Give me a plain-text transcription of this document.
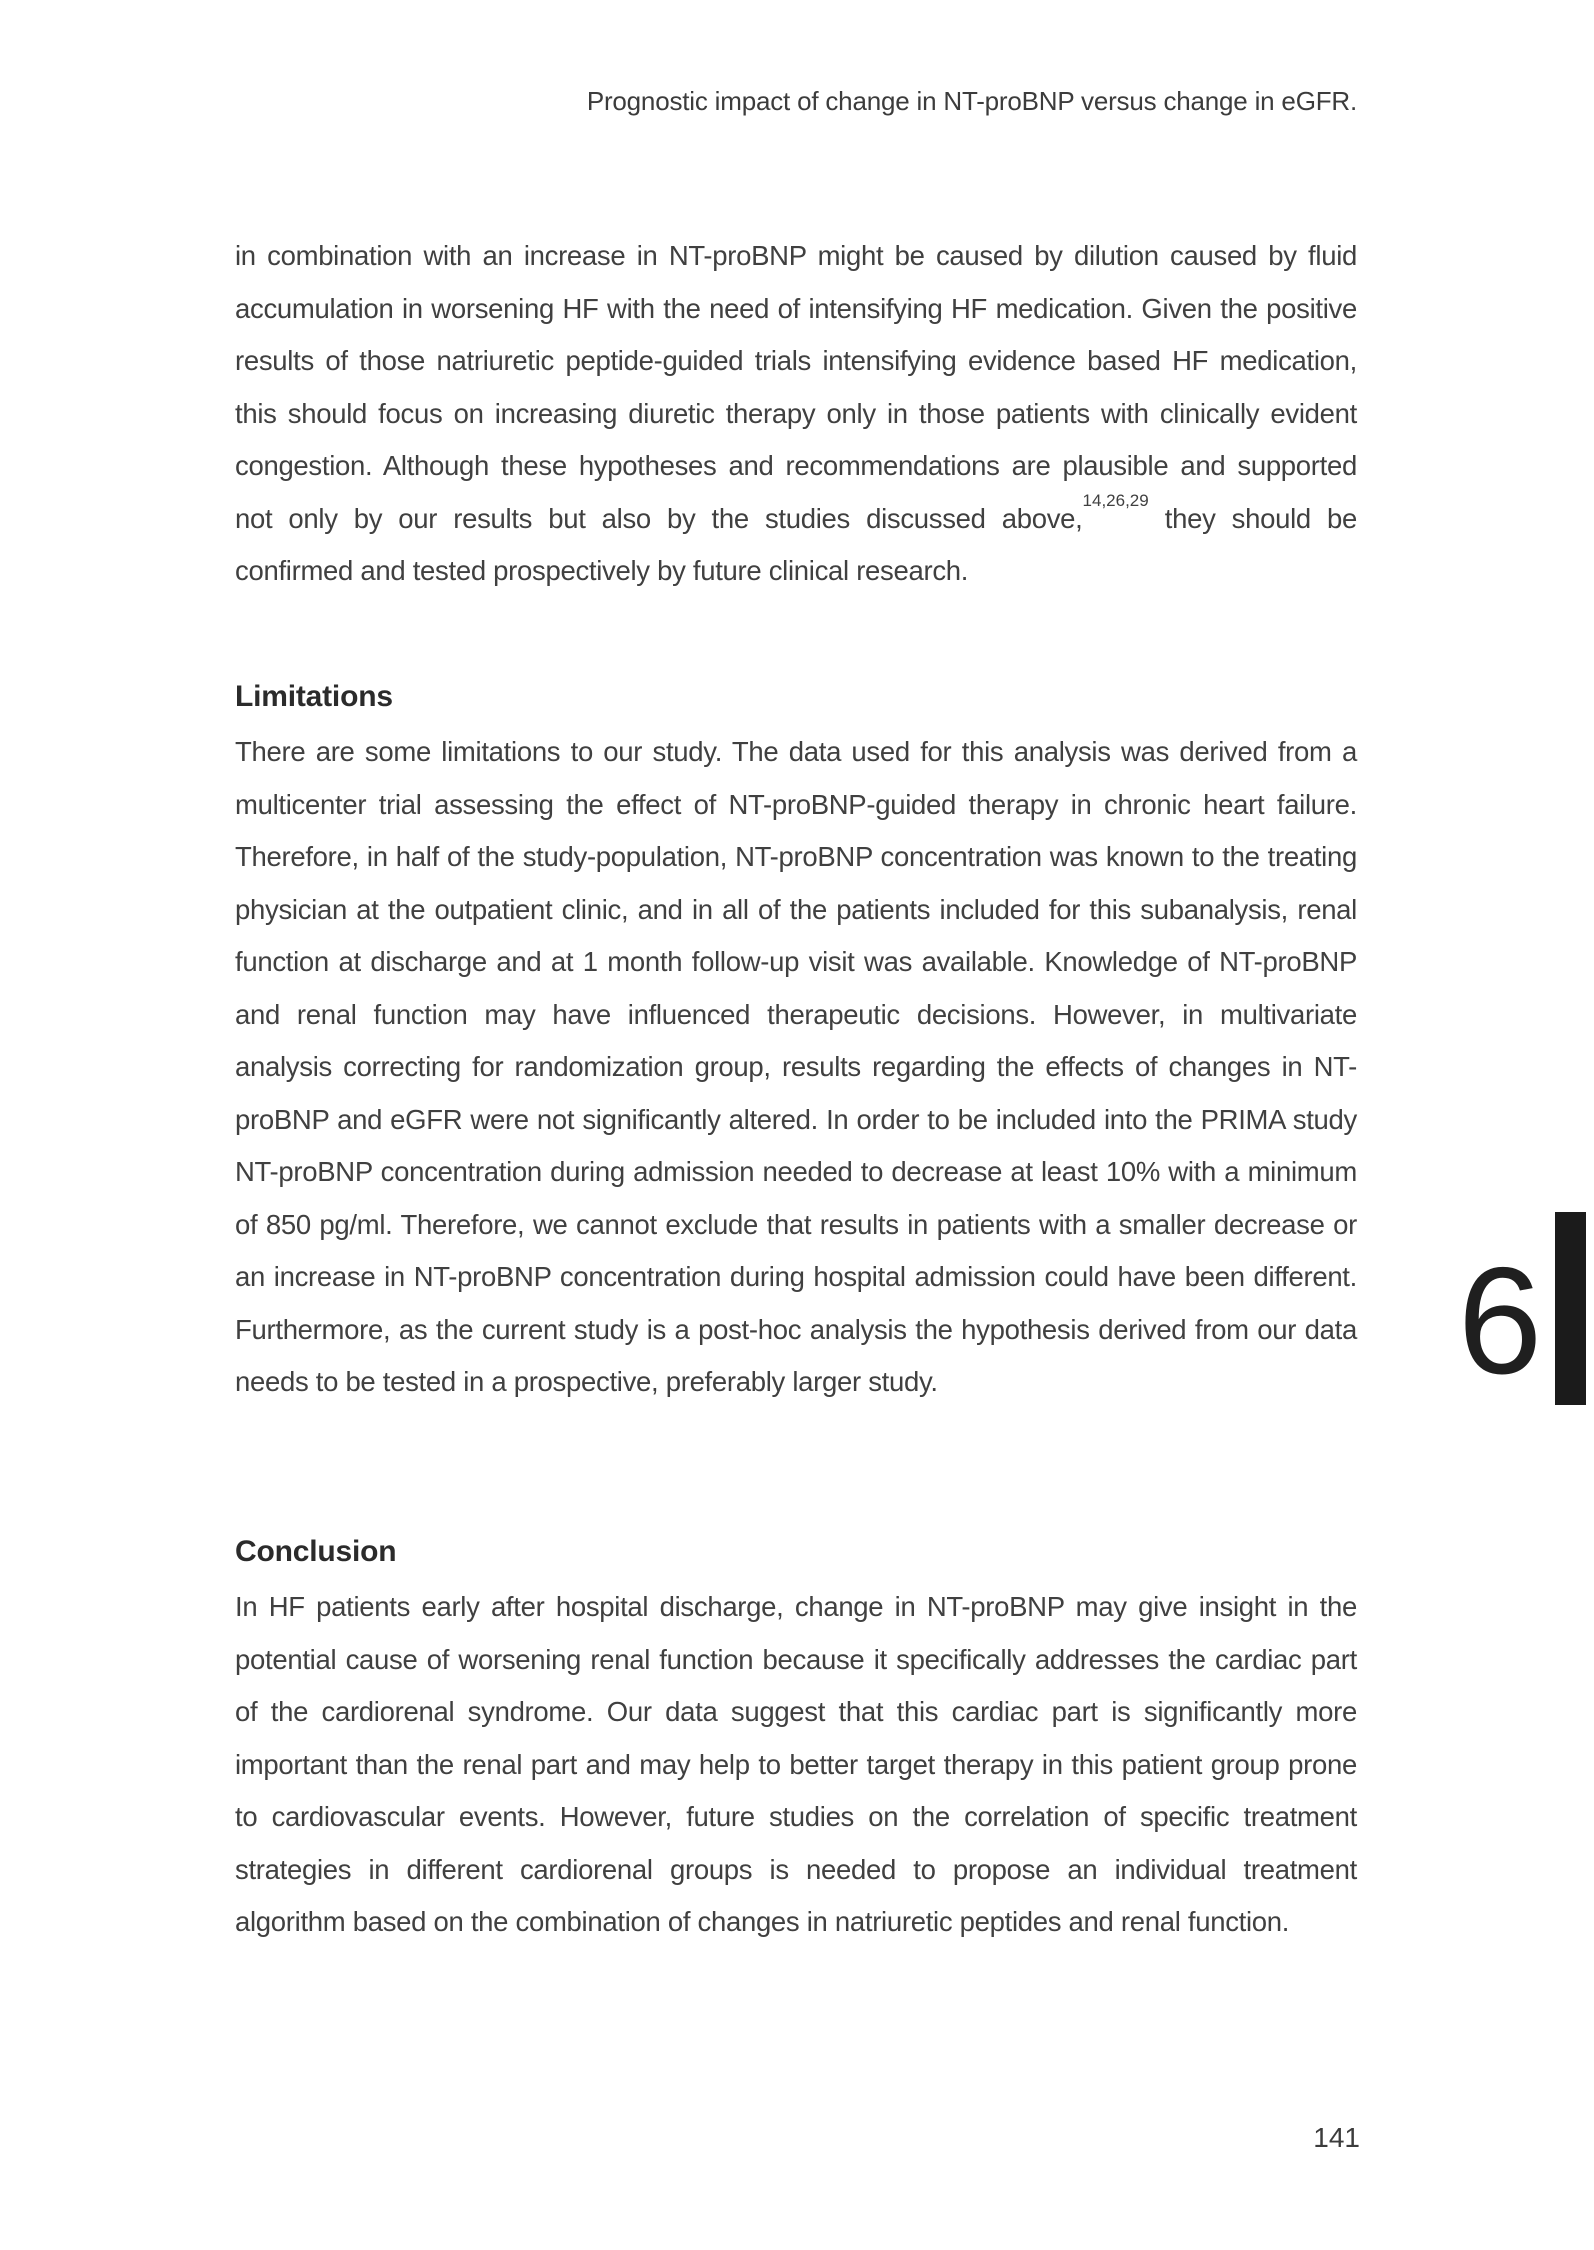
Prognostic impact of change in NT-proBNP versus change in eGFR.

in combination with an increase in NT-proBNP might be caused by dilution caused by fluid accumulation in worsening HF with the need of intensifying HF medication. Given the positive results of those natriuretic peptide-guided trials intensifying evidence based HF medication, this should focus on increasing diuretic therapy only in those patients with clinically evident congestion. Although these hypotheses and recommendations are plausible and supported not only by our results but also by the studies discussed above,$^{14,26,29}$ they should be confirmed and tested prospectively by future clinical research.

Limitations

There are some limitations to our study. The data used for this analysis was derived from a multicenter trial assessing the effect of NT-proBNP-guided therapy in chronic heart failure. Therefore, in half of the study-population, NT-proBNP concentration was known to the treating physician at the outpatient clinic, and in all of the patients included for this subanalysis, renal function at discharge and at 1 month follow-up visit was available. Knowledge of NT-proBNP and renal function may have influenced therapeutic decisions. However, in multivariate analysis correcting for randomization group, results regarding the effects of changes in NT-proBNP and eGFR were not significantly altered. In order to be included into the PRIMA study NT-proBNP concentration during admission needed to decrease at least 10% with a minimum of 850 pg/ml. Therefore, we cannot exclude that results in patients with a smaller decrease or an increase in NT-proBNP concentration during hospital admission could have been different. Furthermore, as the current study is a post-hoc analysis the hypothesis derived from our data needs to be tested in a prospective, preferably larger study.

Conclusion

In HF patients early after hospital discharge, change in NT-proBNP may give insight in the potential cause of worsening renal function because it specifically addresses the cardiac part of the cardiorenal syndrome. Our data suggest that this cardiac part is significantly more important than the renal part and may help to better target therapy in this patient group prone to cardiovascular events. However, future studies on the correlation of specific treatment strategies in different cardiorenal groups is needed to propose an individual treatment algorithm based on the combination of changes in natriuretic peptides and renal function.

6
141
